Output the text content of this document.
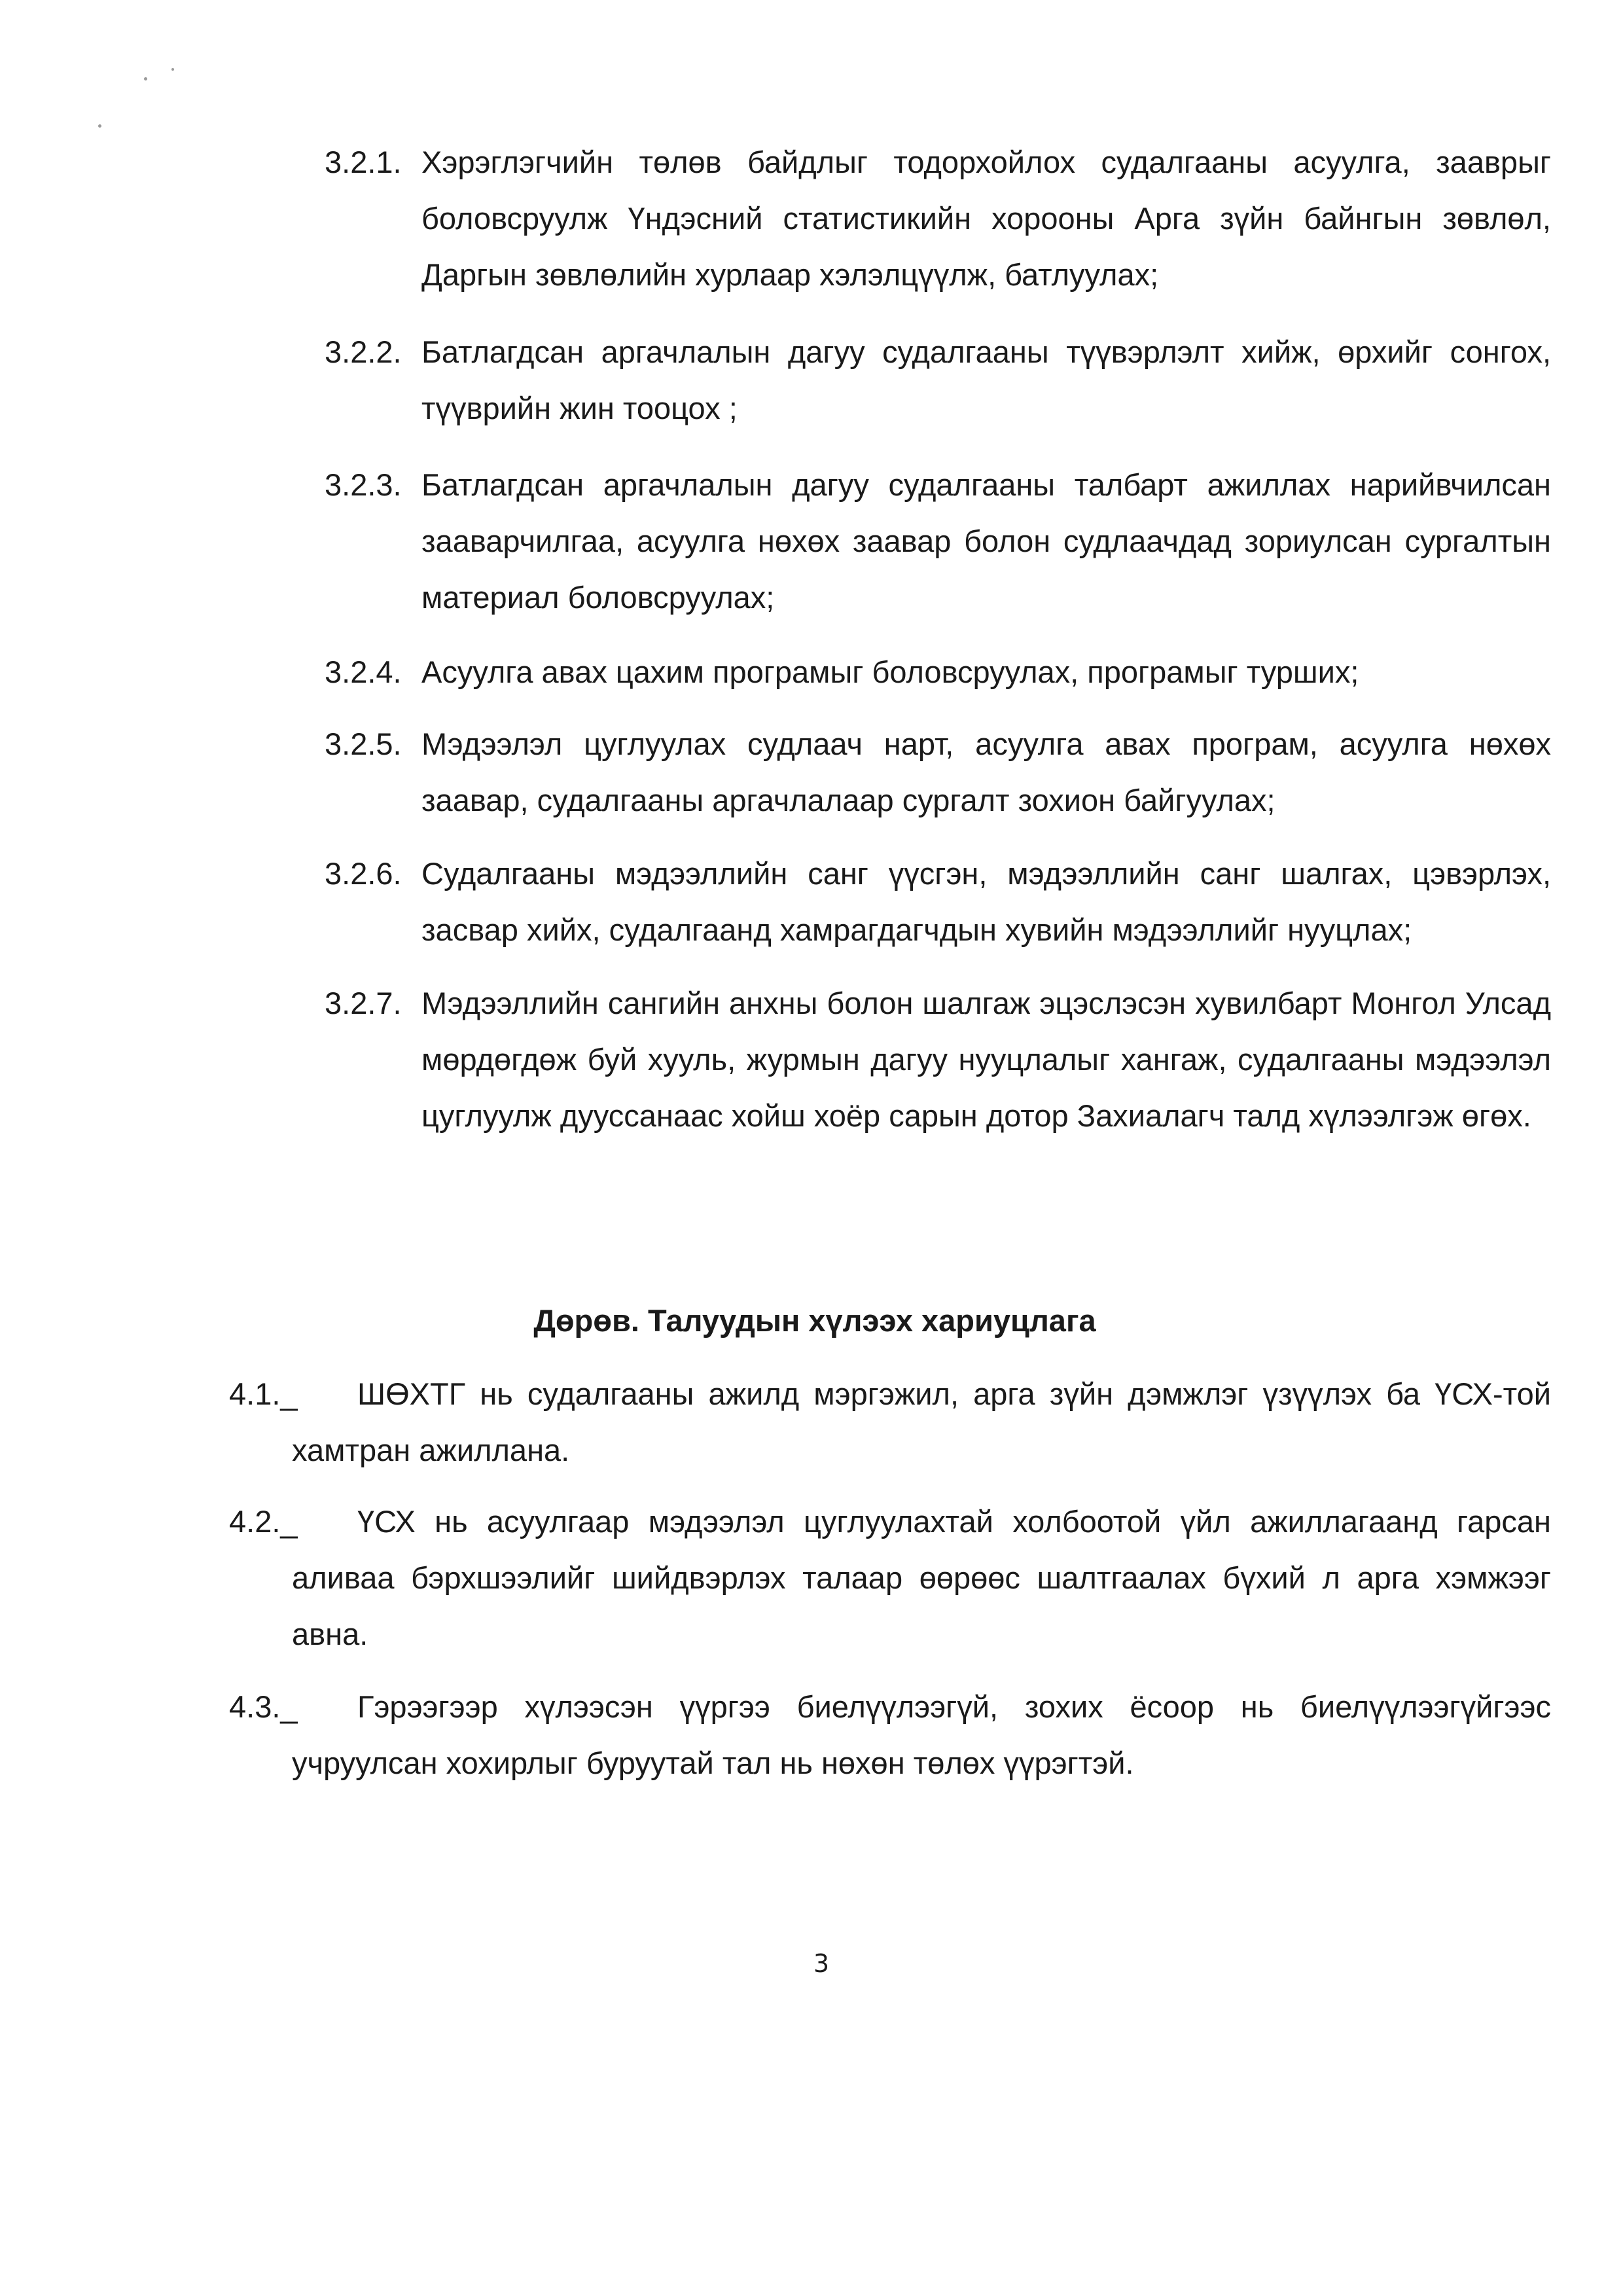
3.2.1. Хэрэглэгчийн төлөв байдлыг тодорхойлох судалгааны асуулга, зааврыг боловсруулж Үндэсний статистикийн хорооны Арга зүйн байнгын зөвлөл, Даргын зөвлөлийн хурлаар хэлэлцүүлж, батлуулах;
3.2.2. Батлагдсан аргачлалын дагуу судалгааны түүвэрлэлт хийж, өрхийг сонгох, түүврийн жин тооцох ;
3.2.3. Батлагдсан аргачлалын дагуу судалгааны талбарт ажиллах нарийвчилсан зааварчилгаа, асуулга нөхөх заавар болон судлаачдад зориулсан сургалтын материал боловсруулах;
3.2.4. Асуулга авах цахим програмыг боловсруулах, програмыг турших;
3.2.5. Мэдээлэл цуглуулах судлаач нарт, асуулга авах програм, асуулга нөхөх заавар, судалгааны аргачлалаар сургалт зохион байгуулах;
3.2.6. Судалгааны мэдээллийн санг үүсгэн, мэдээллийн санг шалгах, цэвэрлэх, засвар хийх, судалгаанд хамрагдагчдын хувийн мэдээллийг нууцлах;
3.2.7. Мэдээллийн сангийн анхны болон шалгаж эцэслэсэн хувилбарт Монгол Улсад мөрдөгдөж буй хууль, журмын дагуу нууцлалыг хангаж, судалгааны мэдээлэл цуглуулж дууссанаас хойш хоёр сарын дотор Захиалагч талд хүлээлгэж өгөх.
Дөрөв. Талуудын хүлээх хариуцлага
4.1._	ШӨХТГ нь судалгааны ажилд мэргэжил, арга зүйн дэмжлэг үзүүлэх ба ҮСХ-той хамтран ажиллана.
4.2._	ҮСХ нь асуулгаар мэдээлэл цуглуулахтай холбоотой үйл ажиллагаанд гарсан аливаа бэрхшээлийг шийдвэрлэх талаар өөрөөс шалтгаалах бүхий л арга хэмжээг авна.
4.3._	Гэрээгээр хүлээсэн үүргээ биелүүлээгүй, зохих ёсоор нь биелүүлээгүйгээс учруулсан хохирлыг буруутай тал нь нөхөн төлөх үүрэгтэй.
3
